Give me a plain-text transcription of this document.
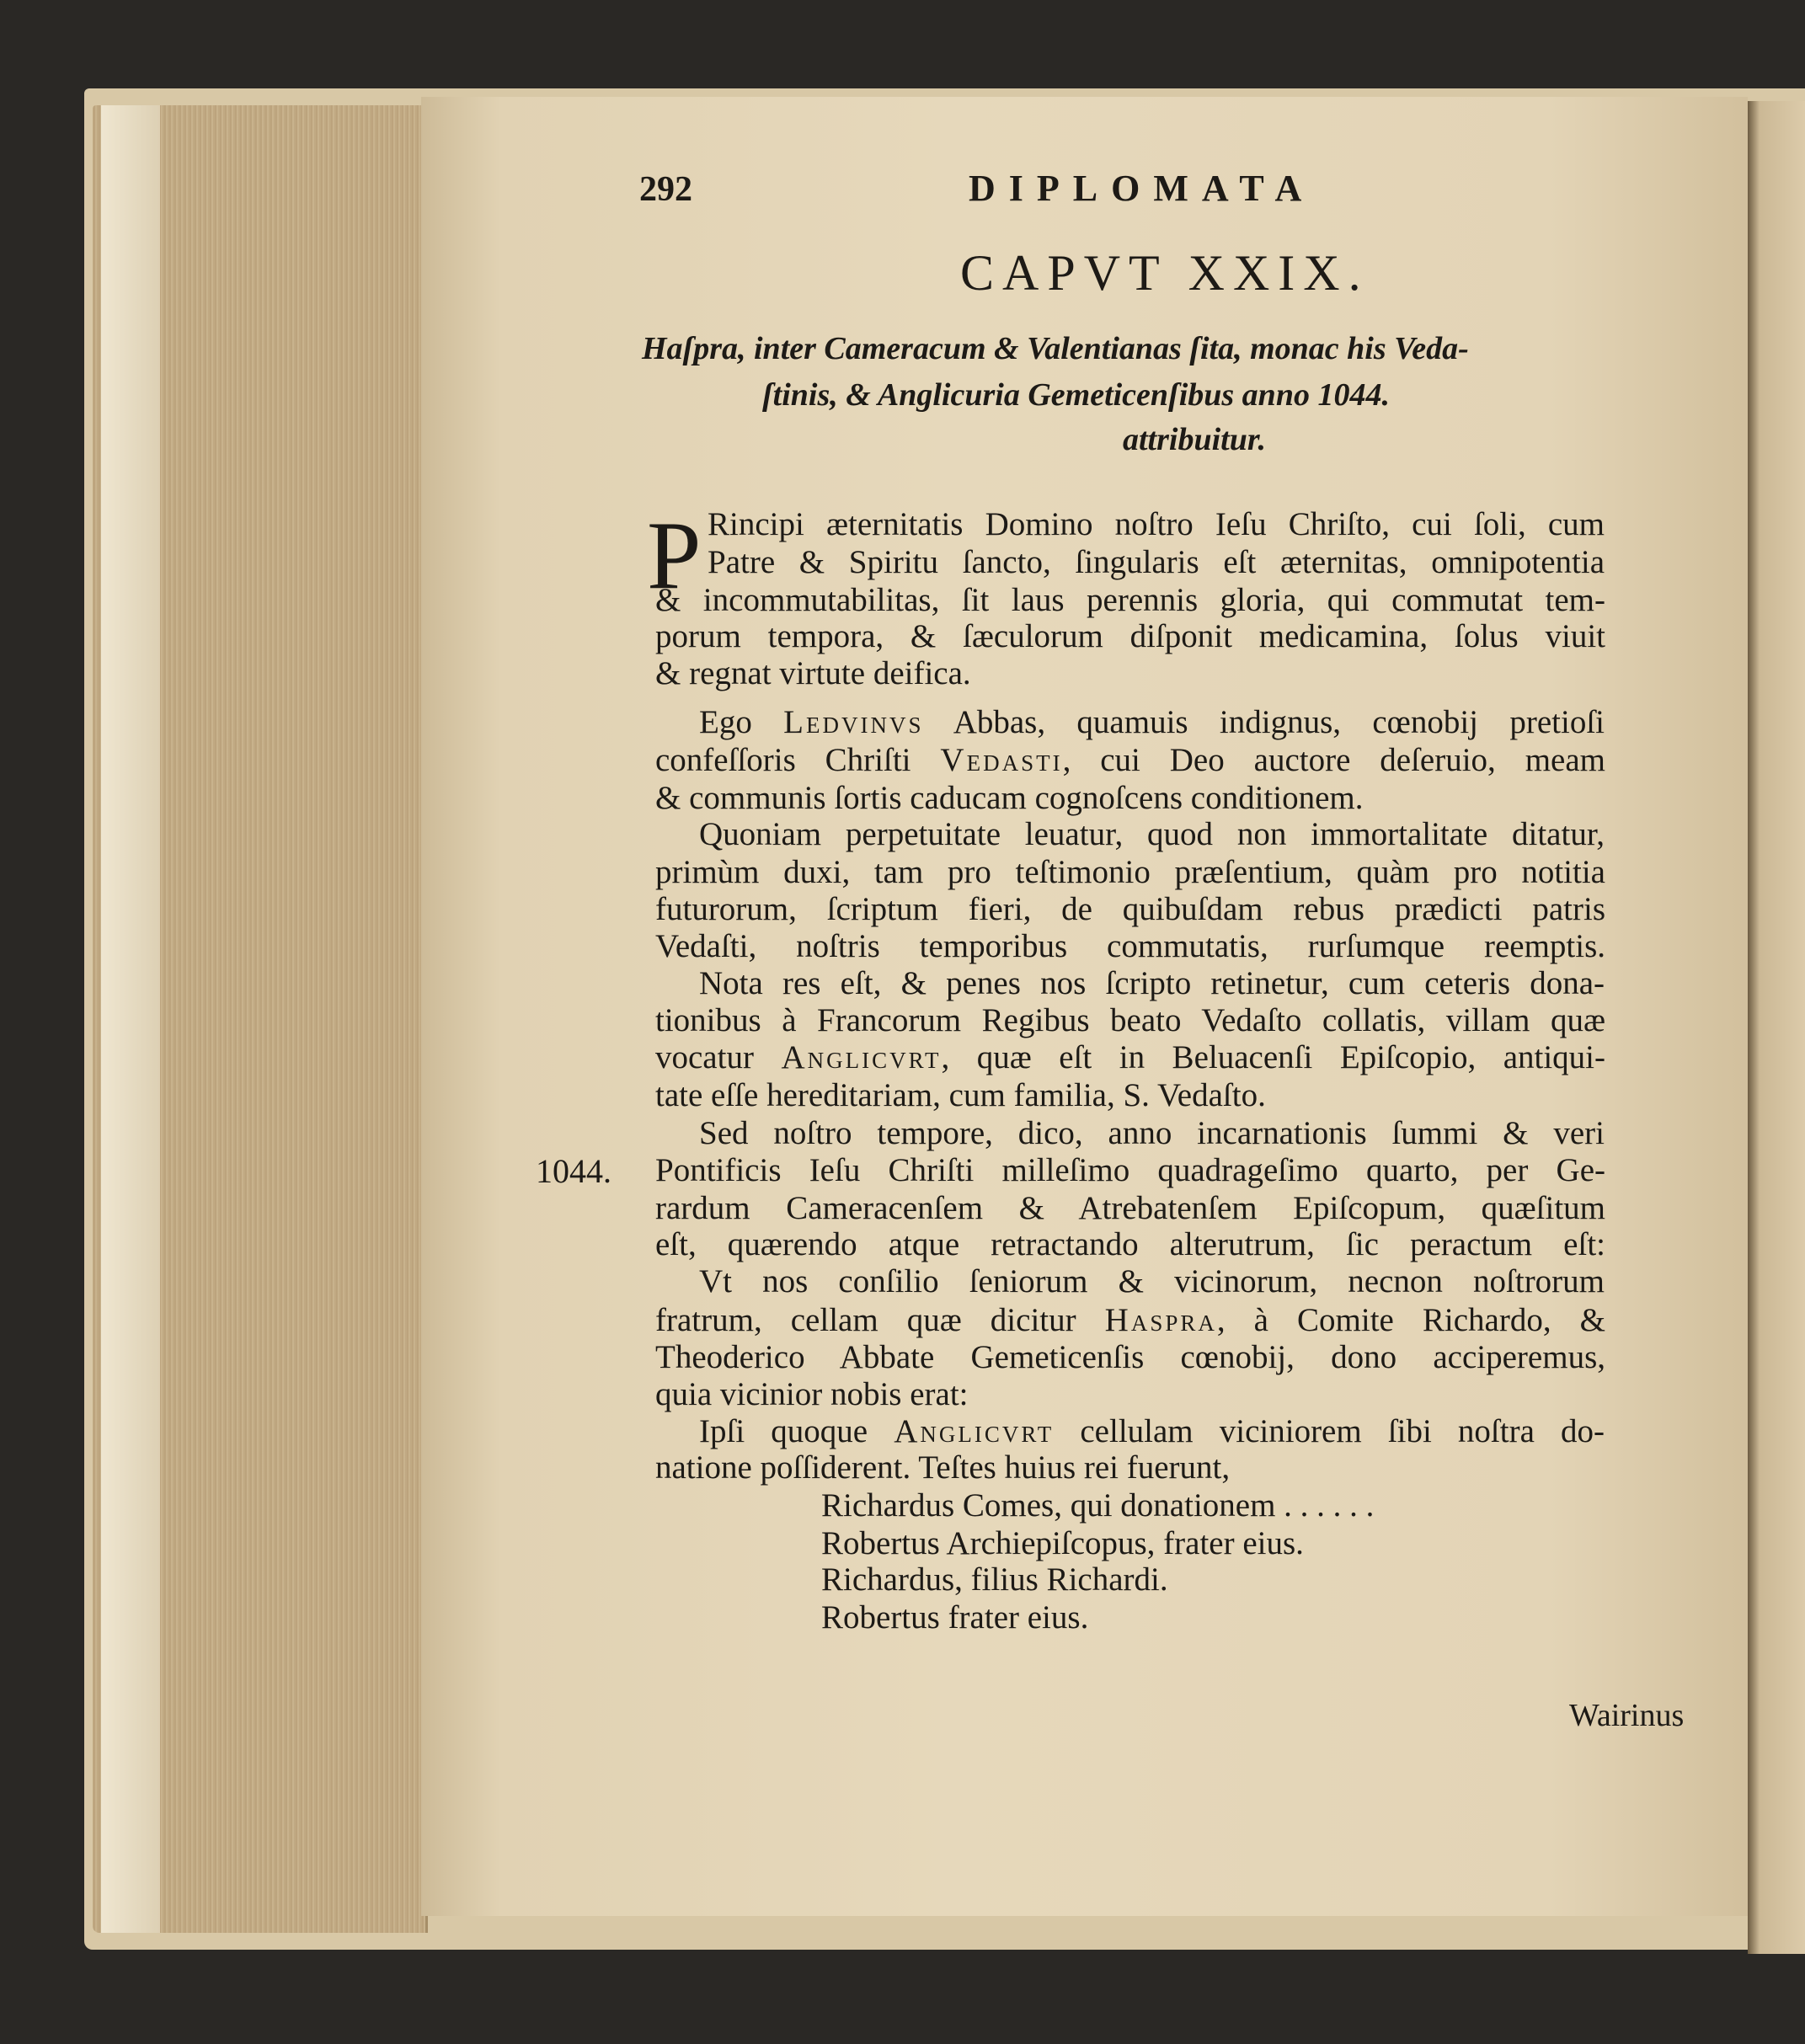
292	DIPLOMATA
CAPVT XXIX.
Haſpra, inter Cameracum & Valentianas ſita, monac his Veda-
ſtinis, & Anglicuria Gemeticenſibus anno 1044.
attribuitur.
P Rincipi æternitatis Domino noſtro Ieſu Chriſto, cui ſoli, cum
Patre & Spiritu ſancto, ſingularis eſt æternitas, omnipotentia
& incommutabilitas, ſit laus perennis gloria, qui commutat tem-
porum tempora, & ſæculorum diſponit medicamina, ſolus viuit
& regnat virtute deifica.
Ego Ledvinvs Abbas, quamuis indignus, cœnobij pretioſi
confeſſoris Chriſti Vedasti, cui Deo auctore deſeruio, meam
& communis ſortis caducam cognoſcens conditionem.
Quoniam perpetuitate leuatur, quod non immortalitate ditatur,
primùm duxi, tam pro teſtimonio præſentium, quàm pro notitia
futurorum, ſcriptum fieri, de quibuſdam rebus prædicti patris
Vedaſti, noſtris temporibus commutatis, rurſumque reemptis.
Nota res eſt, & penes nos ſcripto retinetur, cum ceteris dona-
tionibus à Francorum Regibus beato Vedaſto collatis, villam quæ
vocatur Anglicvrt, quæ eſt in Beluacenſi Epiſcopio, antiqui-
tate eſſe hereditariam, cum familia, S. Vedaſto.
Sed noſtro tempore, dico, anno incarnationis ſummi & veri
Pontificis Ieſu Chriſti milleſimo quadrageſimo quarto, per Ge-
rardum Cameracenſem & Atrebatenſem Epiſcopum, quæſitum
eſt, quærendo atque retractando alterutrum, ſic peractum eſt:
Vt nos conſilio ſeniorum & vicinorum, necnon noſtrorum
fratrum, cellam quæ dicitur Haspra, à Comite Richardo, &
Theoderico Abbate Gemeticenſis cœnobij, dono acciperemus,
quia vicinior nobis erat:
Ipſi quoque Anglicvrt cellulam viciniorem ſibi noſtra do-
natione poſſiderent. Teſtes huius rei fuerunt,
Richardus Comes, qui donationem . . . . . .
Robertus Archiepiſcopus, frater eius.
Richardus, filius Richardi.
Robertus frater eius.
1044.
Wairinus
